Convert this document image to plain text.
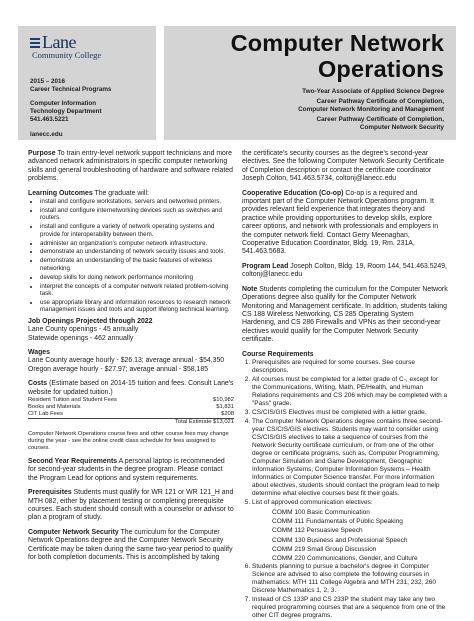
Lane
Community College
2015 – 2016
Career Technical Programs
Computer Information
Technology Department
541.463.5221
lanecc.edu
Computer Network
Operations
Two-Year Associate of Applied Science Degree
Career Pathway Certificate of Completion,
Computer Network Monitoring and Management
Career Pathway Certificate of Completion,
Computer Network Security

Purpose To train entry-level network support technicians and more advanced network administrators in specific computer networking skills and general troubleshooting of hardware and software related problems.

Learning Outcomes The graduate will:
• install and configure workstations, servers and networked printers.
• install and configure internetworking devices such as switches and routers.
• install and configure a variety of network operating systems and provide for interoperability between them.
• administer an organization's computer network infrastructure.
• demonstrate an understanding of network security issues and tools.
• demonstrate an understanding of the basic features of wireless networking.
• develop skills for doing network performance monitoring
• interpret the concepts of a computer network related problem-solving task.
• use appropriate library and information resources to research network management issues and tools and support lifelong technical learning.

Job Openings Projected through 2022
Lane County openings - 45 annually
Statewide openings - 462 annually

Wages
Lane County average hourly - $26.13; average annual - $54,350
Oregon average hourly - $27.97; average annual - $58,185

Costs (Estimate based on 2014-15 tuition and fees. Consult Lane's website for updated tuition.)
Resident Tuition and Student Fees	$10,982
Books and Materials	$1,831
CIT Lab Fees	$208
Total Estimate $13,021

Computer Network Operations course fees and other course fees may change during the year - see the online credit class schedule for fees assigned to courses.

Second Year Requirements A personal laptop is recommended for second-year students in the degree program. Please contact the Program Lead for options and system requirements.

Prerequisites Students must qualify for WR 121 or WR 121_H and MTH 082, either by placement testing or completing prerequisite courses. Each student should consult with a counselor or advisor to plan a program of study.

Computer Network Security The curriculum for the Computer Network Operations degree and the Computer Network Security Certificate may be taken during the same two-year period to qualify for both completion documents. This is accomplished by taking

the certificate's security courses as the degree's second-year electives. See the following Computer Network Security Certificate of Completion description or contact the certificate coordinator Joseph Colton, 541.463.5734, coltonj@lanecc.edu

Cooperative Education (Co-op) Co-op is a required and important part of the Computer Network Operations program. It provides relevant field experience that integrates theory and practice while providing opportunities to develop skills, explore career options, and network with professionals and employers in the computer network field. Contact Gerry Meenaghan, Cooperative Education Coordinator, Bldg. 19, Rm. 231A, 541.463.5683.

Program Lead Joseph Colton, Bldg. 19, Room 144, 541.463.5249, coltonj@lanecc.edu

Note Students completing the curriculum for the Computer Network Operations degree also qualify for the Computer Network Monitoring and Management certificate. In addition, students taking CS 188 Wireless Networking, CS 285 Operating System Hardening, and CS 286 Firewalls and VPNs as their second-year electives would qualify for the Computer Network Security certificate.

Course Requirements
1. Prerequisites are required for some courses. See course descriptions.
2. All courses must be completed for a letter grade of C-, except for the Communications, Writing, Math, PE/Health, and Human Relations requirements and CS 206 which may be completed with a "Pass" grade.
3. CS/CIS/GIS Electives must be completed with a letter grade.
4. The Computer Network Operations degree contains three second-year CS/CIS/GIS electives. Students may want to consider using CS/CIS/GIS electives to take a sequence of courses from the Network Security certificate curriculum, or from one of the other degree or certificate programs, such as, Computer Programming, Computer Simulation and Game Development, Geographic Information Systems, Computer Information Systems – Health Informatics or Computer Science transfer. For more information about electives, students should contact the program lead to help determine what elective courses best fit their goals.
5. List of approved communication electives:
COMM 100 Basic Communication
COMM 111 Fundamentals of Public Speaking
COMM 112 Persuasive Speech
COMM 130 Business and Professional Speech
COMM 219 Small Group Discussion
COMM 220 Communications, Gender, and Culture
6. Students planning to pursue a bachelor's degree in Computer Science are advised to also complete the following courses in mathematics: MTH 111 College Algebra and MTH 231, 232, 260 Discrete Mathematics 1, 2, 3.
7. Instead of CS 133P and CS 233P the student may take any two required programming courses that are a sequence from one of the other CIT degree programs.
